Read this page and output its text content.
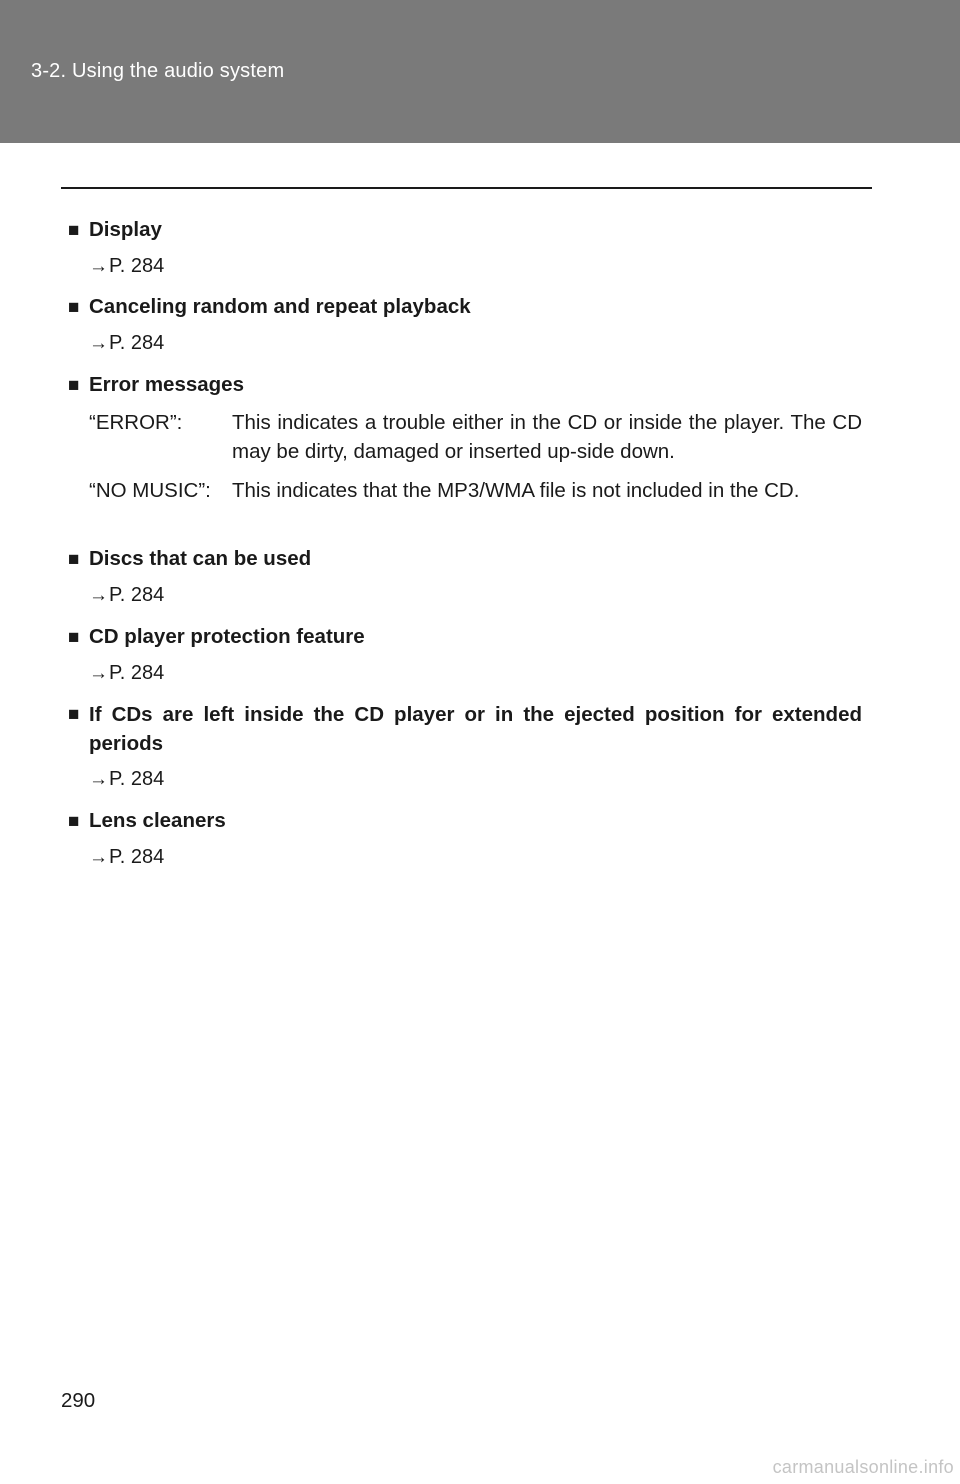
3-2. Using the audio system
■ Display
→P. 284
■ Canceling random and repeat playback
→P. 284
■ Error messages
“ERROR”:	This indicates a trouble either in the CD or inside the player. The CD may be dirty, damaged or inserted up-side down.
“NO MUSIC”:	This indicates that the MP3/WMA file is not included in the CD.
■ Discs that can be used
→P. 284
■ CD player protection feature
→P. 284
■ If CDs are left inside the CD player or in the ejected position for extended periods
→P. 284
■ Lens cleaners
→P. 284
290
carmanualsonline.info
